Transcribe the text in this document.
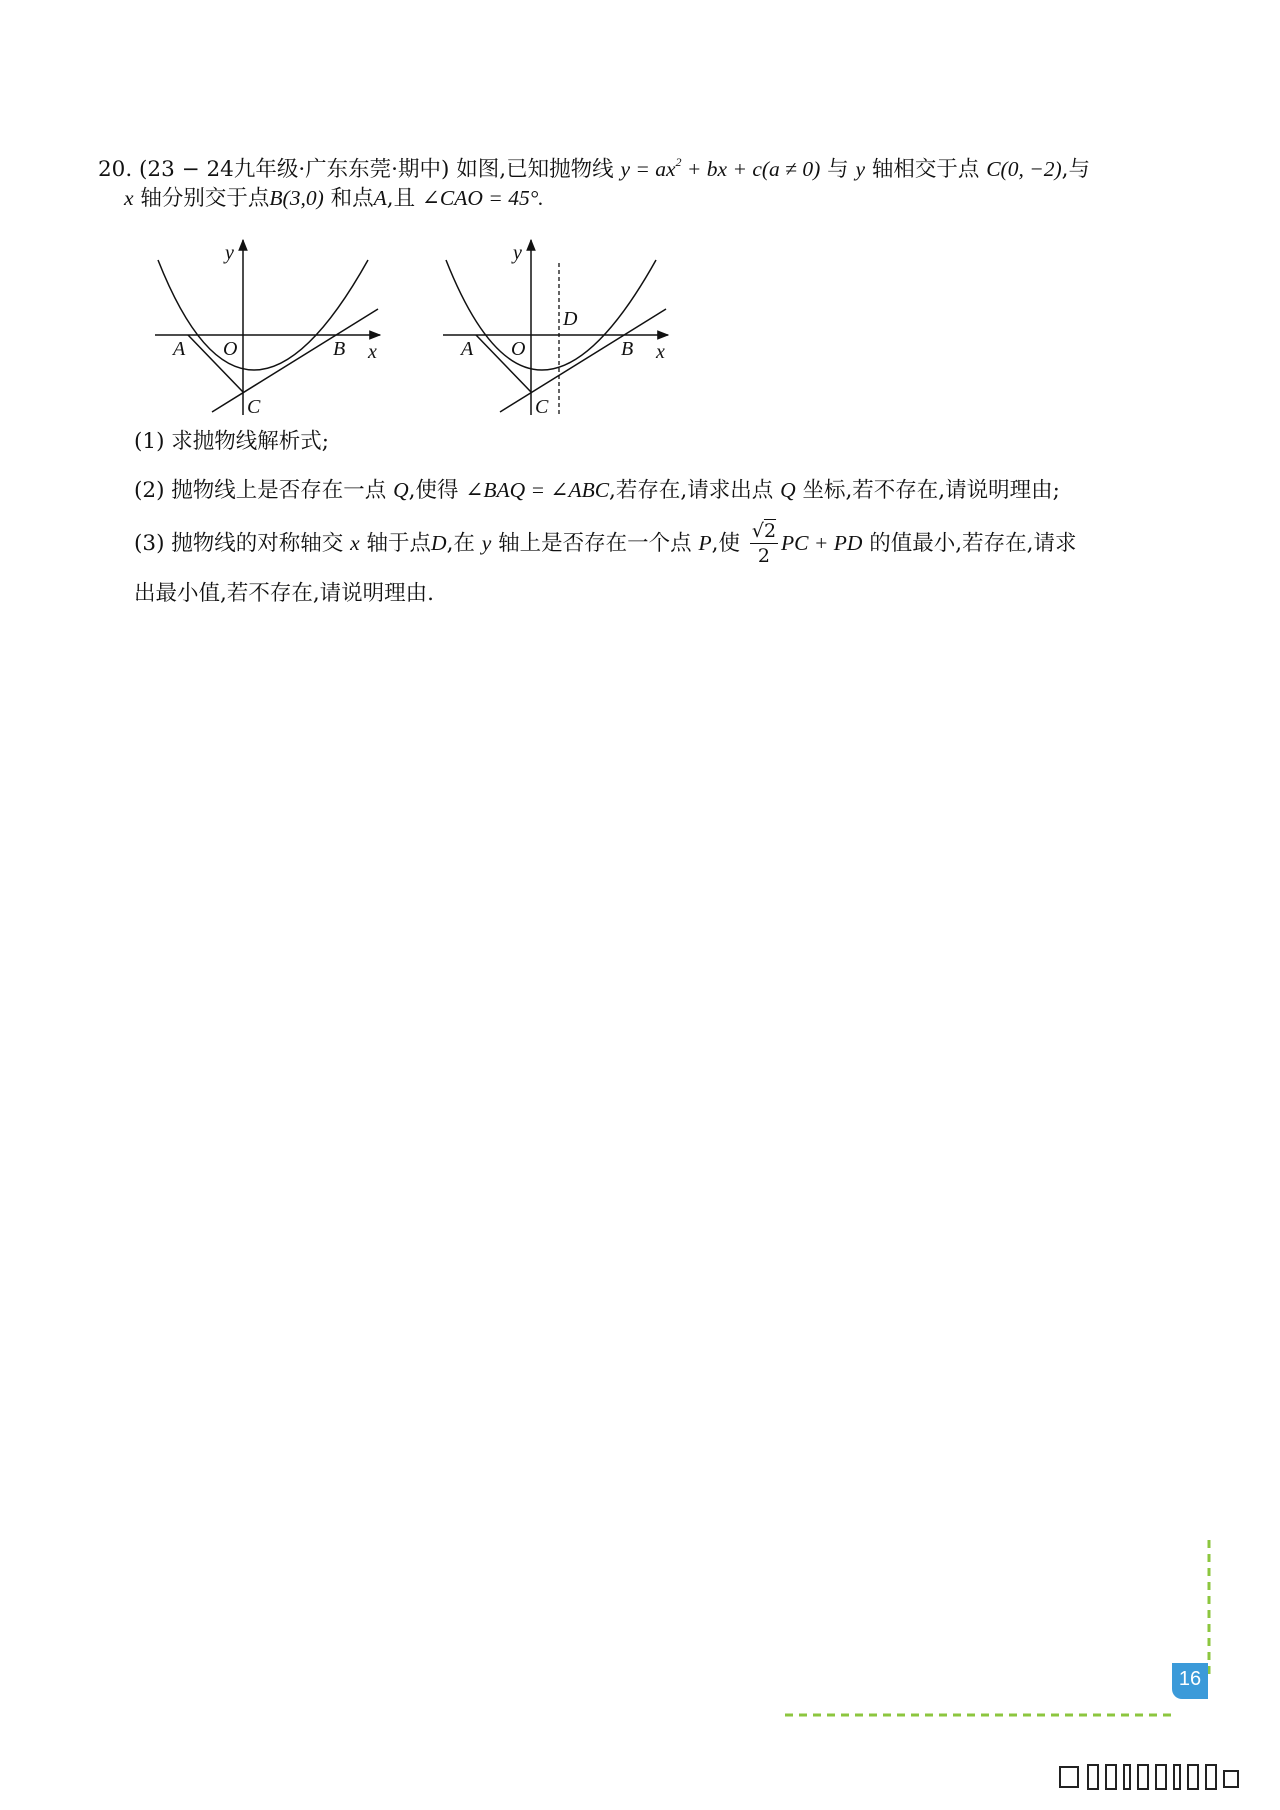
20. (23 − 24九年级·广东东莞·期中) 如图,已知抛物线 $y = ax^2$ + bx + c(a ≠ 0) 与 y 轴相交于点 C(0, −2),与
x 轴分别交于点B(3,0) 和点A,且 ∠CAO = 45°.
(1) 求抛物线解析式;
(2) 抛物线上是否存在一点 Q,使得 ∠BAQ = ∠ABC,若存在,请求出点 Q 坐标,若不存在,请说明理由;
(3) 抛物线的对称轴交 x 轴于点D,在 y 轴上是否存在一个点 P,使 $\frac{√2}{2}$ PC + PD 的值最小,若存在,请求
出最小值,若不存在,请说明理由.
y
x
A O	B
C
y
x
D
A O	B
C
16
